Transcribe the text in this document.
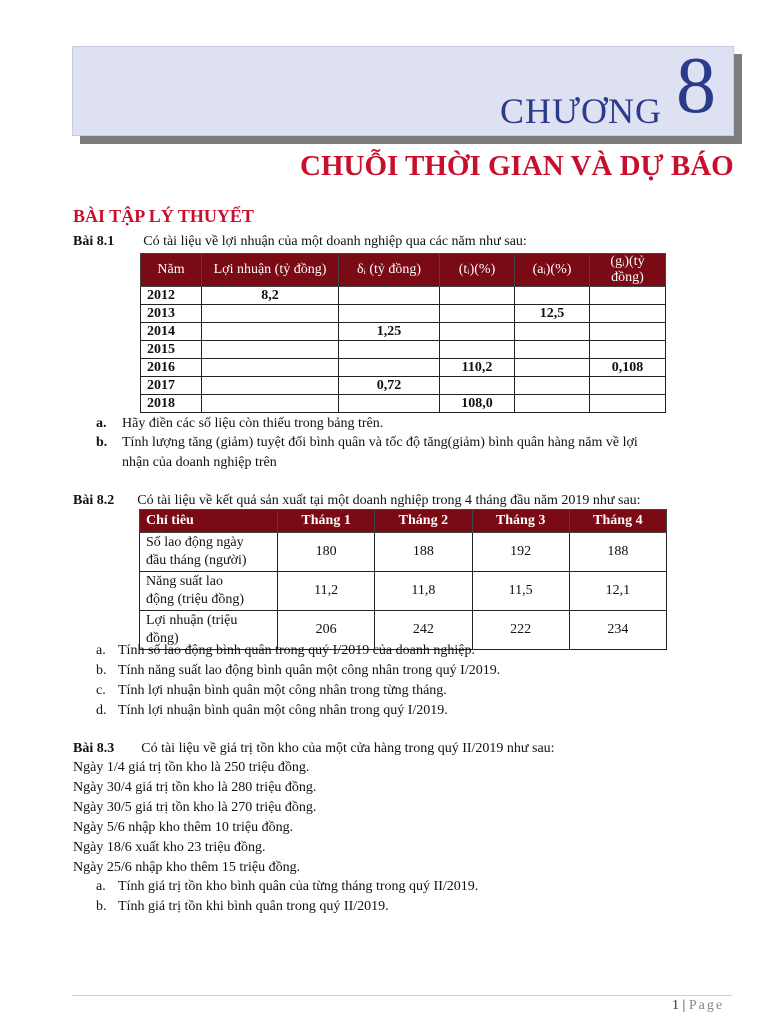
CHƯƠNG 8
CHUỖI THỜI GIAN VÀ DỰ BÁO
BÀI TẬP LÝ THUYẾT
Bài 8.1 Có tài liệu về lợi nhuận của một doanh nghiệp qua các năm như sau:
Năm	Lợi nhuận (tỷ đồng)	δᵢ (tỷ đồng)	(tᵢ)(%)	(aᵢ)(%)	(gᵢ)(tỷ đồng)
2012	8,2				
2013				12,5	
2014		1,25			
2015					
2016			110,2		0,108
2017		0,72			
2018			108,0		
a. Hãy điền các số liệu còn thiếu trong bảng trên.
b. Tính lượng tăng (giảm) tuyệt đối bình quân và tốc độ tăng(giảm) bình quân hàng năm về lợi
nhận của doanh nghiệp trên
Bài 8.2 Có tài liệu về kết quả sản xuất tại một doanh nghiệp trong 4 tháng đầu năm 2019 như sau:
Chỉ tiêu	Tháng 1	Tháng 2	Tháng 3	Tháng 4

Số lao động ngày
đầu tháng (người)	180	188	192	188

Năng suất lao
động (triệu đồng)	11,2	11,8	11,5	12,1

Lợi nhuận (triệu
đồng)	206	242	222	234
a. Tính số lao động bình quân trong quý I/2019 của doanh nghiệp.
b. Tính năng suất lao động bình quân một công nhân trong quý I/2019.
c. Tính lợi nhuận bình quân một công nhân trong từng tháng.
d. Tính lợi nhuận bình quân một công nhân trong quý I/2019.
Bài 8.3 Có tài liệu về giá trị tồn kho của một cửa hàng trong quý II/2019 như sau:
Ngày 1/4 giá trị tồn kho là 250 triệu đồng.
Ngày 30/4 giá trị tồn kho là 280 triệu đồng.
Ngày 30/5 giá trị tồn kho là 270 triệu đồng.
Ngày 5/6 nhập kho thêm 10 triệu đồng.
Ngày 18/6 xuất kho 23 triệu đồng.
Ngày 25/6 nhập kho thêm 15 triệu đồng.
a. Tính giá trị tồn kho bình quân của từng tháng trong quý II/2019.
b. Tính giá trị tồn khi bình quân trong quý II/2019.
1 | Page
